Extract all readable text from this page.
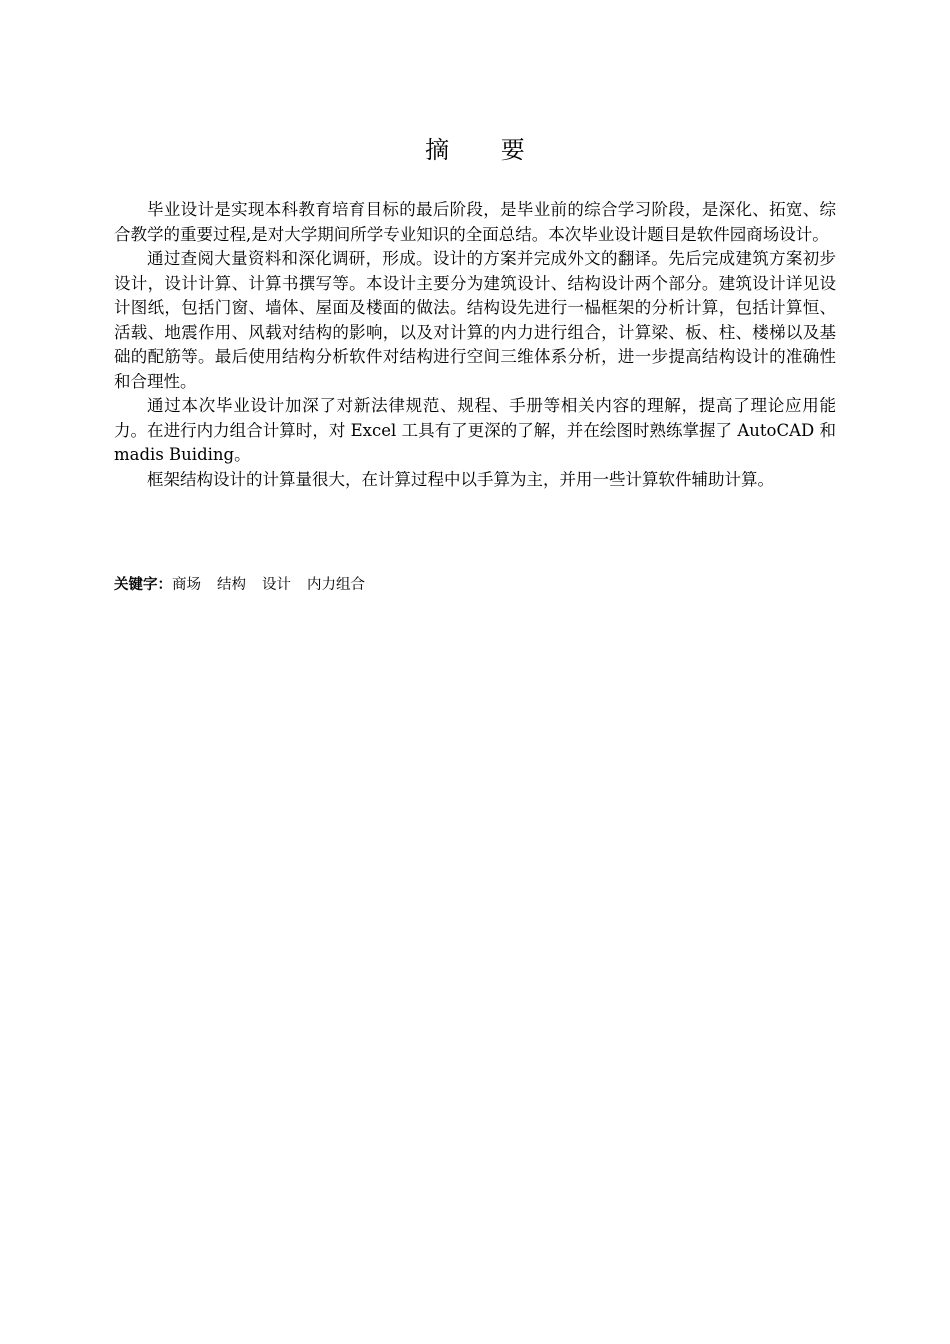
摘 要

毕业设计是实现本科教育培育目标的最后阶段，是毕业前的综合学习阶段，是深化、拓宽、综合教学的重要过程,是对大学期间所学专业知识的全面总结。本次毕业设计题目是软件园商场设计。

通过查阅大量资料和深化调研，形成。设计的方案并完成外文的翻译。先后完成建筑方案初步设计，设计计算、计算书撰写等。本设计主要分为建筑设计、结构设计两个部分。建筑设计详见设计图纸，包括门窗、墙体、屋面及楼面的做法。结构设先进行一榀框架的分析计算，包括计算恒、活载、地震作用、风载对结构的影响，以及对计算的内力进行组合，计算梁、板、柱、楼梯以及基础的配筋等。最后使用结构分析软件对结构进行空间三维体系分析，进一步提高结构设计的准确性和合理性。

通过本次毕业设计加深了对新法律规范、规程、手册等相关内容的理解，提高了理论应用能力。在进行内力组合计算时，对 Excel 工具有了更深的了解，并在绘图时熟练掌握了 AutoCAD 和 madis Buiding。

框架结构设计的计算量很大，在计算过程中以手算为主，并用一些计算软件辅助计算。

关键字：商场 结构 设计 内力组合
